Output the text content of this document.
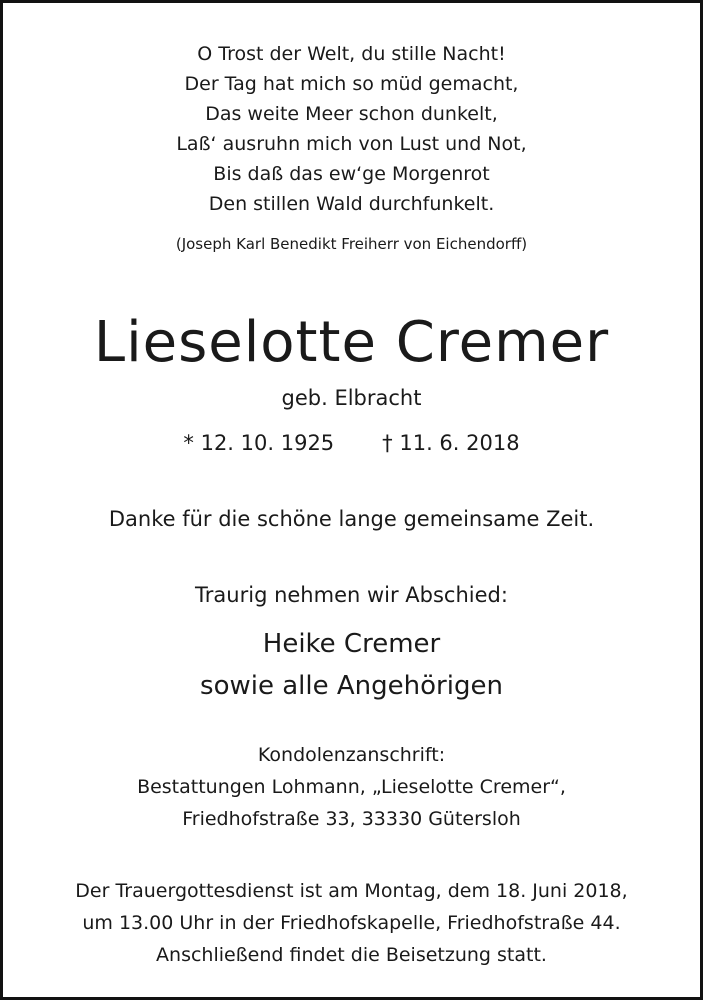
O Trost der Welt, du stille Nacht!
Der Tag hat mich so müd gemacht,
Das weite Meer schon dunkelt,
Laß‘ ausruhn mich von Lust und Not,
Bis daß das ew‘ge Morgenrot
Den stillen Wald durchfunkelt.
(Joseph Karl Benedikt Freiherr von Eichendorff)
Lieselotte Cremer
geb. Elbracht
* 12. 10. 1925 † 11. 6. 2018
Danke für die schöne lange gemeinsame Zeit.
Traurig nehmen wir Abschied:
Heike Cremer
sowie alle Angehörigen
Kondolenzanschrift:
Bestattungen Lohmann, „Lieselotte Cremer“,
Friedhofstraße 33, 33330 Gütersloh
Der Trauergottesdienst ist am Montag, dem 18. Juni 2018,
um 13.00 Uhr in der Friedhofskapelle, Friedhofstraße 44.
Anschließend findet die Beisetzung statt.
